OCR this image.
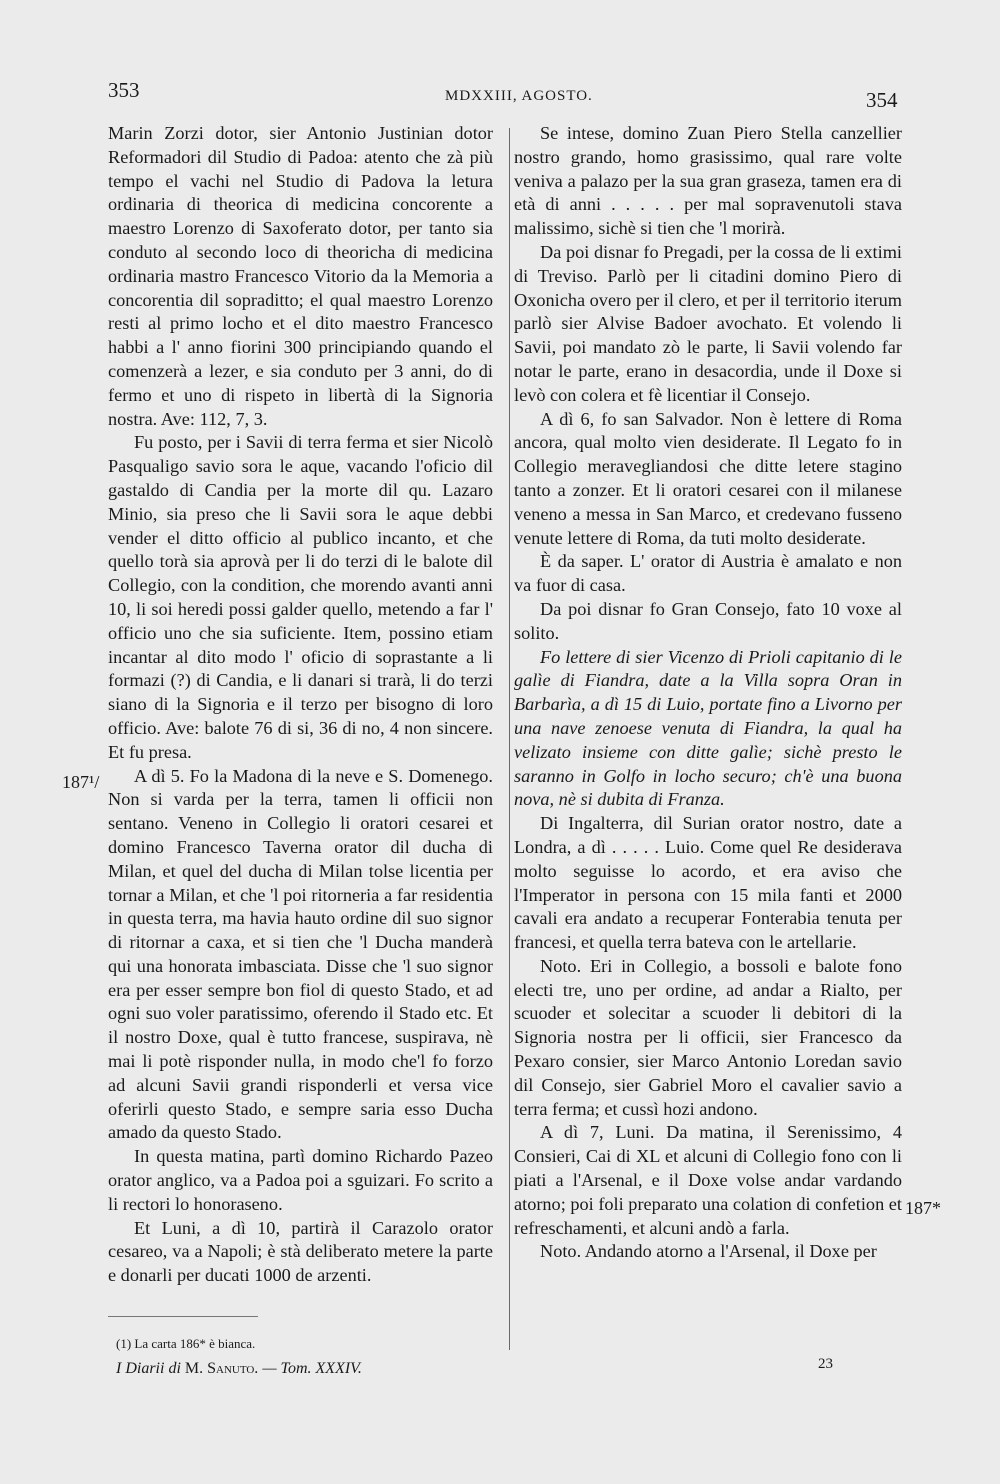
353	MDXXIII, AGOSTO.	354
187¹/
187*

Marin Zorzi dotor, sier Antonio Justinian dotor Reformadori dil Studio di Padoa: atento che zà più tempo el vachi nel Studio di Padova la letura ordinaria di theorica di medicina concorente a maestro Lorenzo di Saxoferato dotor, per tanto sia conduto al secondo loco di theoricha di medicina ordinaria mastro Francesco Vitorio da la Memoria a concorentia dil sopraditto; el qual maestro Lorenzo resti al primo locho et el dito maestro Francesco habbi a l' anno fiorini 300 principiando quando el comenzerà a lezer, e sia conduto per 3 anni, do di fermo et uno di rispeto in libertà di la Signoria nostra. Ave: 112, 7, 3.

Fu posto, per i Savii di terra ferma et sier Nicolò Pasqualigo savio sora le aque, vacando l'oficio dil gastaldo di Candia per la morte dil qu. Lazaro Minio, sia preso che li Savii sora le aque debbi vender el ditto officio al publico incanto, et che quello torà sia aprovà per li do terzi di le balote dil Collegio, con la condition, che morendo avanti anni 10, li soi heredi possi galder quello, metendo a far l' officio uno che sia suficiente. Item, possino etiam incantar al dito modo l' oficio di soprastante a li formazi (?) di Candia, e li danari si trarà, li do terzi siano di la Signoria e il terzo per bisogno di loro officio. Ave: balote 76 di si, 36 di no, 4 non sincere. Et fu presa.

A dì 5. Fo la Madona di la neve e S. Domenego. Non si varda per la terra, tamen li officii non sentano. Veneno in Collegio li oratori cesarei et domino Francesco Taverna orator dil ducha di Milan, et quel del ducha di Milan tolse licentia per tornar a Milan, et che 'l poi ritorneria a far residentia in questa terra, ma havia hauto ordine dil suo signor di ritornar a caxa, et si tien che 'l Ducha manderà qui una honorata imbasciata. Disse che 'l suo signor era per esser sempre bon fiol di questo Stado, et ad ogni suo voler paratissimo, oferendo il Stado etc. Et il nostro Doxe, qual è tutto francese, suspirava, nè mai li potè risponder nulla, in modo che'l fo forzo ad alcuni Savii grandi risponderli et versa vice oferirli questo Stado, e sempre saria esso Ducha amado da questo Stado.

In questa matina, partì domino Richardo Pazeo orator anglico, va a Padoa poi a sguizari. Fo scrito a li rectori lo honoraseno.

Et Luni, a dì 10, partirà il Carazolo orator cesareo, va a Napoli; è stà deliberato metere la parte e donarli per ducati 1000 de arzenti.

Se intese, domino Zuan Piero Stella canzellier nostro grando, homo grasissimo, qual rare volte veniva a palazo per la sua gran graseza, tamen era di età di anni . . . . . per mal sopravenutoli stava malissimo, sichè si tien che 'l morirà.

Da poi disnar fo Pregadi, per la cossa de li extimi di Treviso. Parlò per li citadini domino Piero di Oxonicha overo per il clero, et per il territorio iterum parlò sier Alvise Badoer avochato. Et volendo li Savii, poi mandato zò le parte, li Savii volendo far notar le parte, erano in desacordia, unde il Doxe si levò con colera et fè licentiar il Consejo.

A dì 6, fo san Salvador. Non è lettere di Roma ancora, qual molto vien desiderate. Il Legato fo in Collegio meravegliandosi che ditte letere stagino tanto a zonzer. Et li oratori cesarei con il milanese veneno a messa in San Marco, et credevano fusseno venute lettere di Roma, da tuti molto desiderate.

È da saper. L' orator di Austria è amalato e non va fuor di casa.

Da poi disnar fo Gran Consejo, fato 10 voxe al solito.

Fo lettere di sier Vicenzo di Prioli capitanio di le galìe di Fiandra, date a la Villa sopra Oran in Barbarìa, a dì 15 di Luio, portate fino a Livorno per una nave zenoese venuta di Fiandra, la qual ha velizato insieme con ditte galìe; sichè presto le saranno in Golfo in locho securo; ch'è una buona nova, nè si dubita di Franza.

Di Ingalterra, dil Surian orator nostro, date a Londra, a dì . . . . . Luio. Come quel Re desiderava molto seguisse lo acordo, et era aviso che l'Imperator in persona con 15 mila fanti et 2000 cavali era andato a recuperar Fonterabia tenuta per francesi, et quella terra bateva con le artellarie.

Noto. Eri in Collegio, a bossoli e balote fono electi tre, uno per ordine, ad andar a Rialto, per scuoder et solecitar a scuoder li debitori di la Signoria nostra per li officii, sier Francesco da Pexaro consier, sier Marco Antonio Loredan savio dil Consejo, sier Gabriel Moro el cavalier savio a terra ferma; et cussì hozi andono.

A dì 7, Luni. Da matina, il Serenissimo, 4 Consieri, Cai di XL et alcuni di Collegio fono con li piati a l'Arsenal, e il Doxe volse andar vardando atorno; poi foli preparato una colation di confetion et refreschamenti, et alcuni andò a farla.

Noto. Andando atorno a l'Arsenal, il Doxe per

(1) La carta 186* è bianca.
I Diarii di M. Sanuto. — Tom. XXXIV.	23
